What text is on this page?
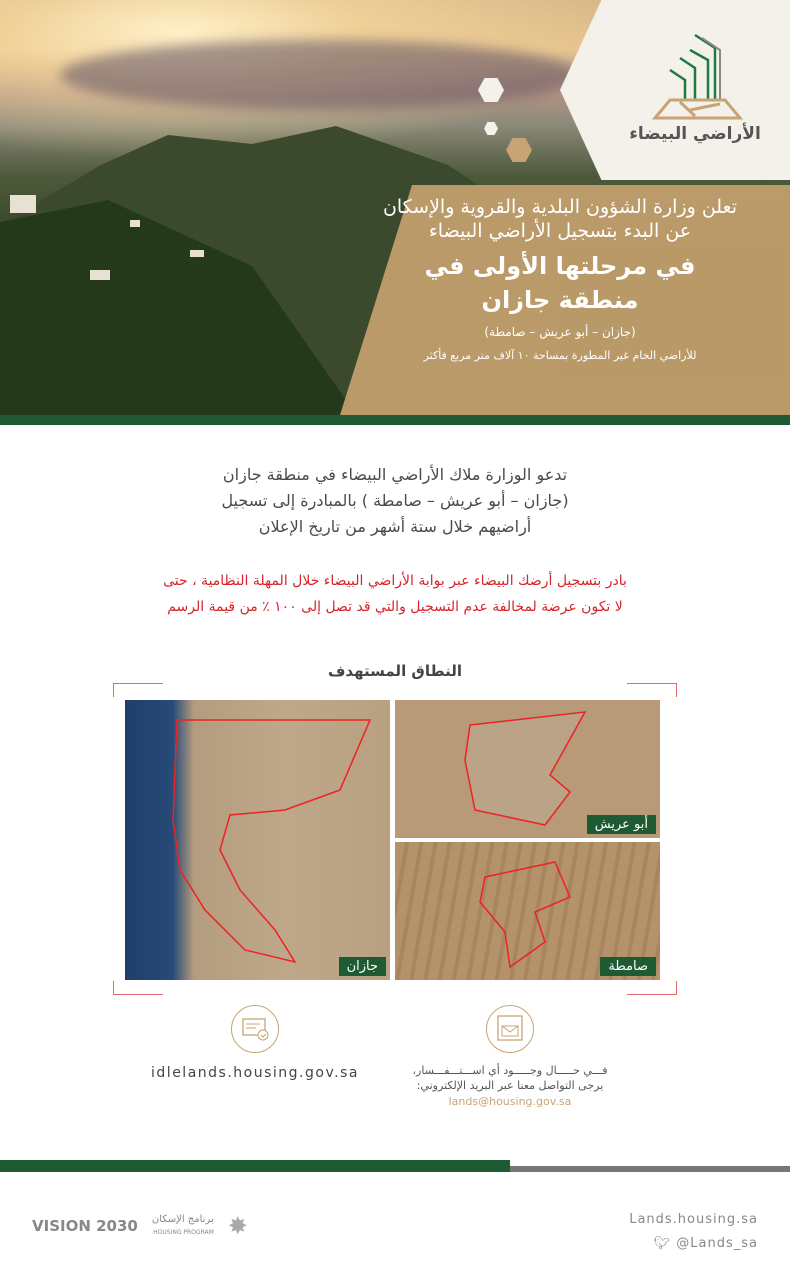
الأراضي البيضاء
تعلن وزارة الشؤون البلدية والقروية والإسكان
عن البدء بتسجيل الأراضي البيضاء
في مرحلتها الأولى في
منطقة جازان
(جازان – أبو عريش – صامطة)
للأراضي الخام غير المطورة بمساحة ١٠ آلاف متر مربع فأكثر
تدعو الوزارة ملاك الأراضي البيضاء في منطقة جازان
(جازان – أبو عريش – صامطة ) بالمبادرة إلى تسجيل
أراضيهم خلال ستة أشهر من تاريخ الإعلان
بادر بتسجيل أرضك البيضاء عبر بوابة الأراضي البيضاء خلال المهلة النظامية ، حتى
لا تكون عرضة لمخالفة عدم التسجيل والتي قد تصل إلى ١٠٠ ٪ من قيمة الرسم
النطاق المستهدف
جازان
أبو عريش
صامطة
idlelands.housing.gov.sa	فـــي حـــــال وجـــــود أي اســـتـــفـــسار،
يرجى التواصل معنا عبر البريد الإلكتروني:
lands@housing.gov.sa
VISION 2030 برنامج الإسكان
HOUSING PROGRAM ✸	Lands.housing.sa
🐦︎ @Lands_sa
